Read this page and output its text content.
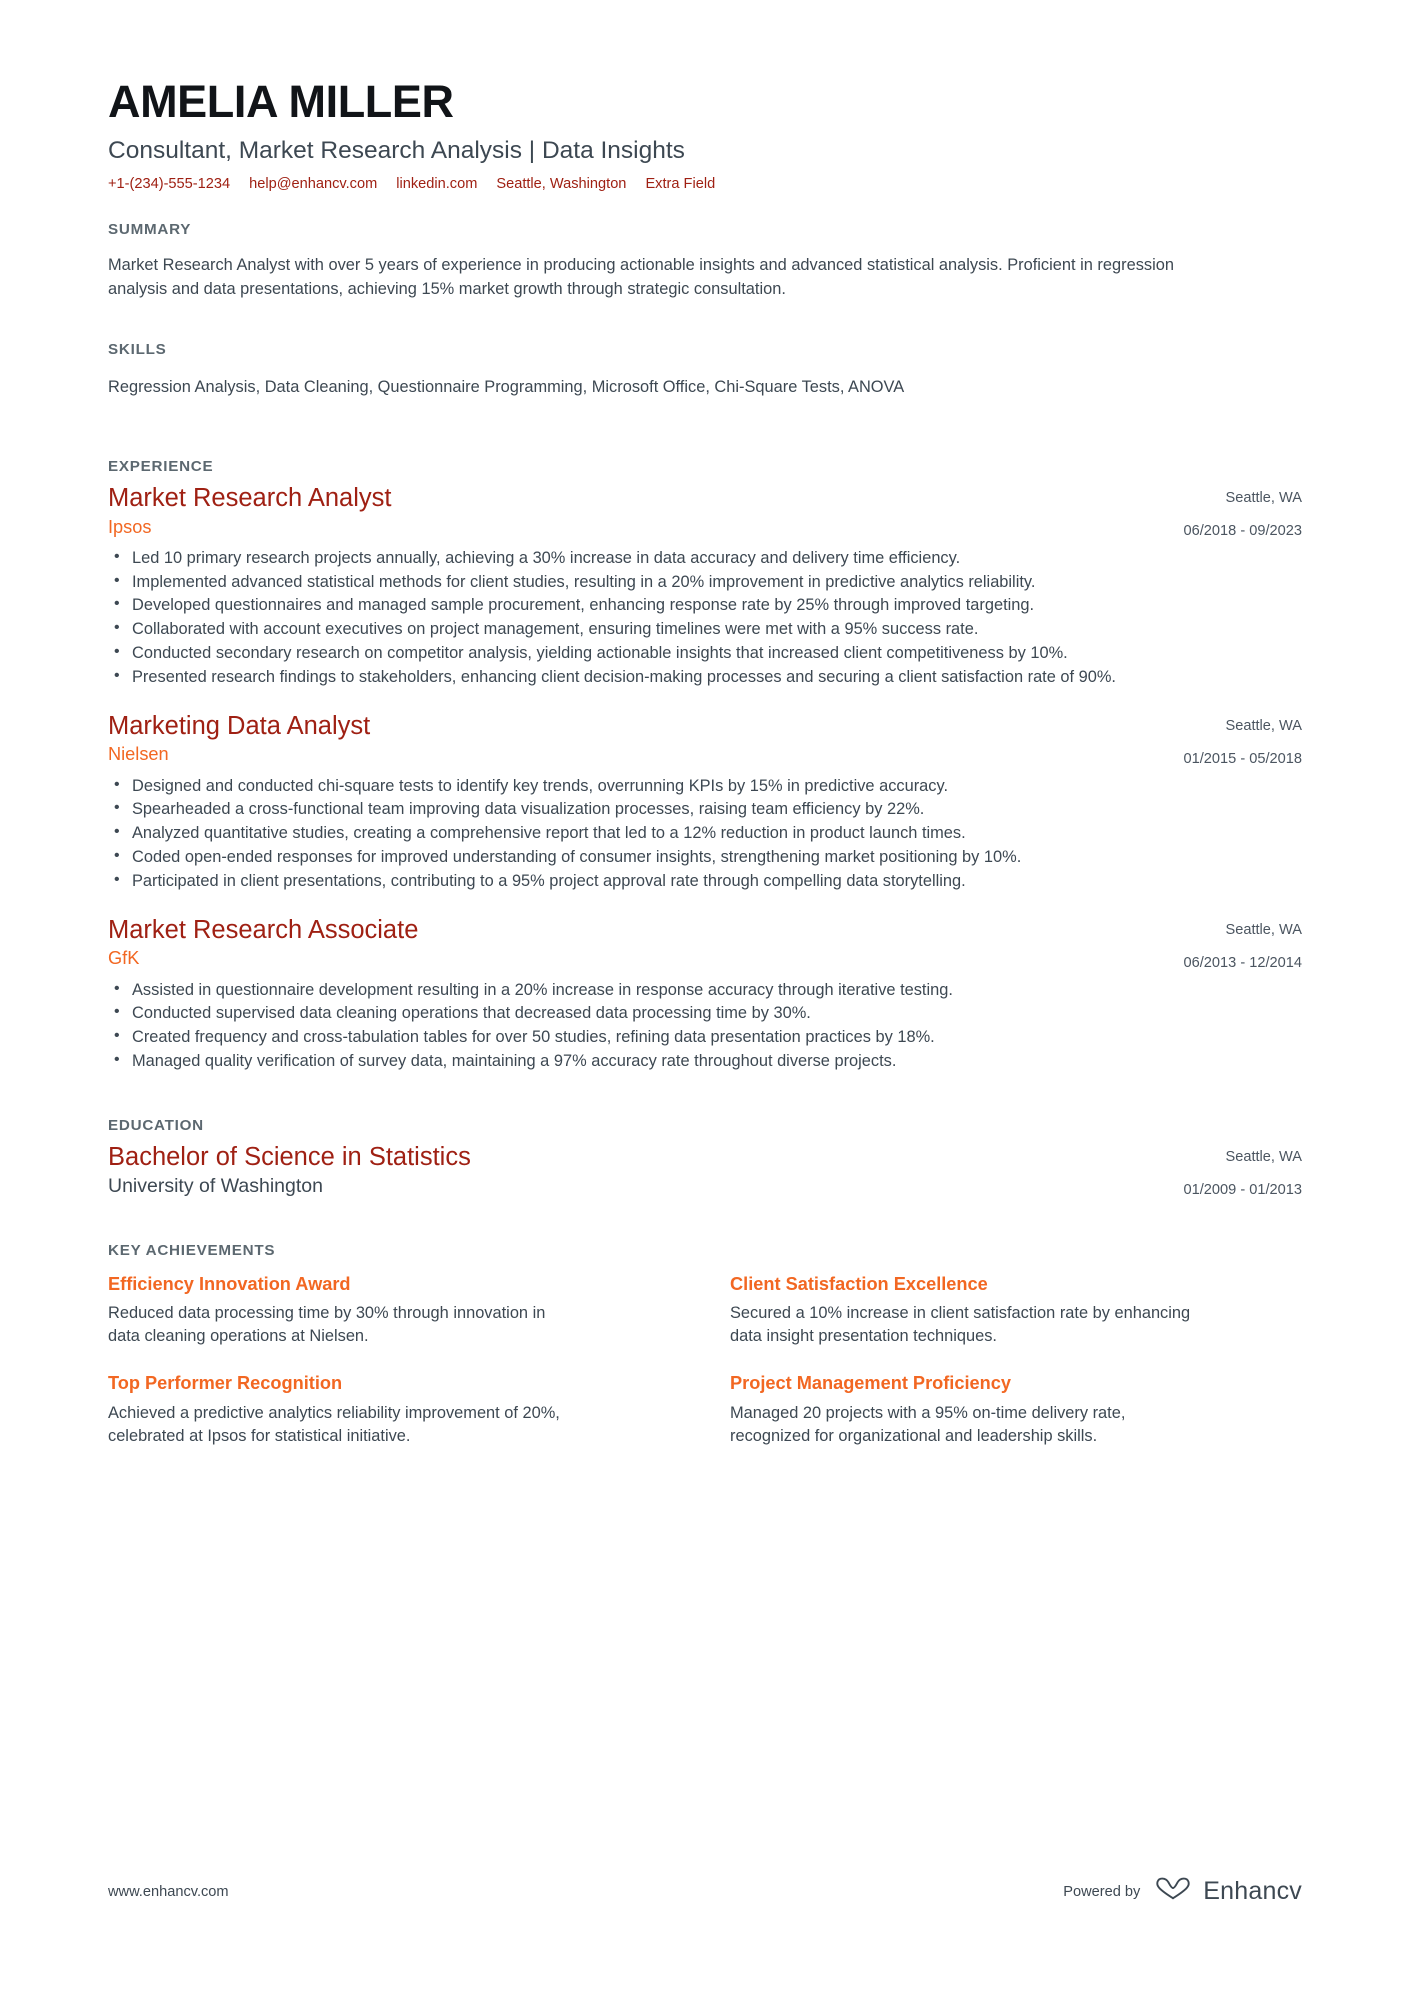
AMELIA MILLER
Consultant, Market Research Analysis | Data Insights
+1-(234)-555-1234 help@enhancv.com linkedin.com Seattle, Washington Extra Field
SUMMARY

Market Research Analyst with over 5 years of experience in producing actionable insights and advanced statistical analysis. Proficient in regression analysis and data presentations, achieving 15% market growth through strategic consultation.

SKILLS

Regression Analysis, Data Cleaning, Questionnaire Programming, Microsoft Office, Chi-Square Tests, ANOVA

EXPERIENCE
Market Research Analyst
Ipsos
Seattle, WA
06/2018 - 09/2023
• Led 10 primary research projects annually, achieving a 30% increase in data accuracy and delivery time efficiency.
• Implemented advanced statistical methods for client studies, resulting in a 20% improvement in predictive analytics reliability.
• Developed questionnaires and managed sample procurement, enhancing response rate by 25% through improved targeting.
• Collaborated with account executives on project management, ensuring timelines were met with a 95% success rate.
• Conducted secondary research on competitor analysis, yielding actionable insights that increased client competitiveness by 10%.
• Presented research findings to stakeholders, enhancing client decision-making processes and securing a client satisfaction rate of 90%.
Marketing Data Analyst
Nielsen
Seattle, WA
01/2015 - 05/2018
• Designed and conducted chi-square tests to identify key trends, overrunning KPIs by 15% in predictive accuracy.
• Spearheaded a cross-functional team improving data visualization processes, raising team efficiency by 22%.
• Analyzed quantitative studies, creating a comprehensive report that led to a 12% reduction in product launch times.
• Coded open-ended responses for improved understanding of consumer insights, strengthening market positioning by 10%.
• Participated in client presentations, contributing to a 95% project approval rate through compelling data storytelling.
Market Research Associate
GfK
Seattle, WA
06/2013 - 12/2014
• Assisted in questionnaire development resulting in a 20% increase in response accuracy through iterative testing.
• Conducted supervised data cleaning operations that decreased data processing time by 30%.
• Created frequency and cross-tabulation tables for over 50 studies, refining data presentation practices by 18%.
• Managed quality verification of survey data, maintaining a 97% accuracy rate throughout diverse projects.
EDUCATION
Bachelor of Science in Statistics
University of Washington
Seattle, WA
01/2009 - 01/2013
KEY ACHIEVEMENTS
Efficiency Innovation Award
Reduced data processing time by 30% through innovation in data cleaning operations at Nielsen.
Client Satisfaction Excellence
Secured a 10% increase in client satisfaction rate by enhancing data insight presentation techniques.
Top Performer Recognition
Achieved a predictive analytics reliability improvement of 20%, celebrated at Ipsos for statistical initiative.
Project Management Proficiency
Managed 20 projects with a 95% on-time delivery rate, recognized for organizational and leadership skills.
www.enhancv.com	Powered by	Enhancv
